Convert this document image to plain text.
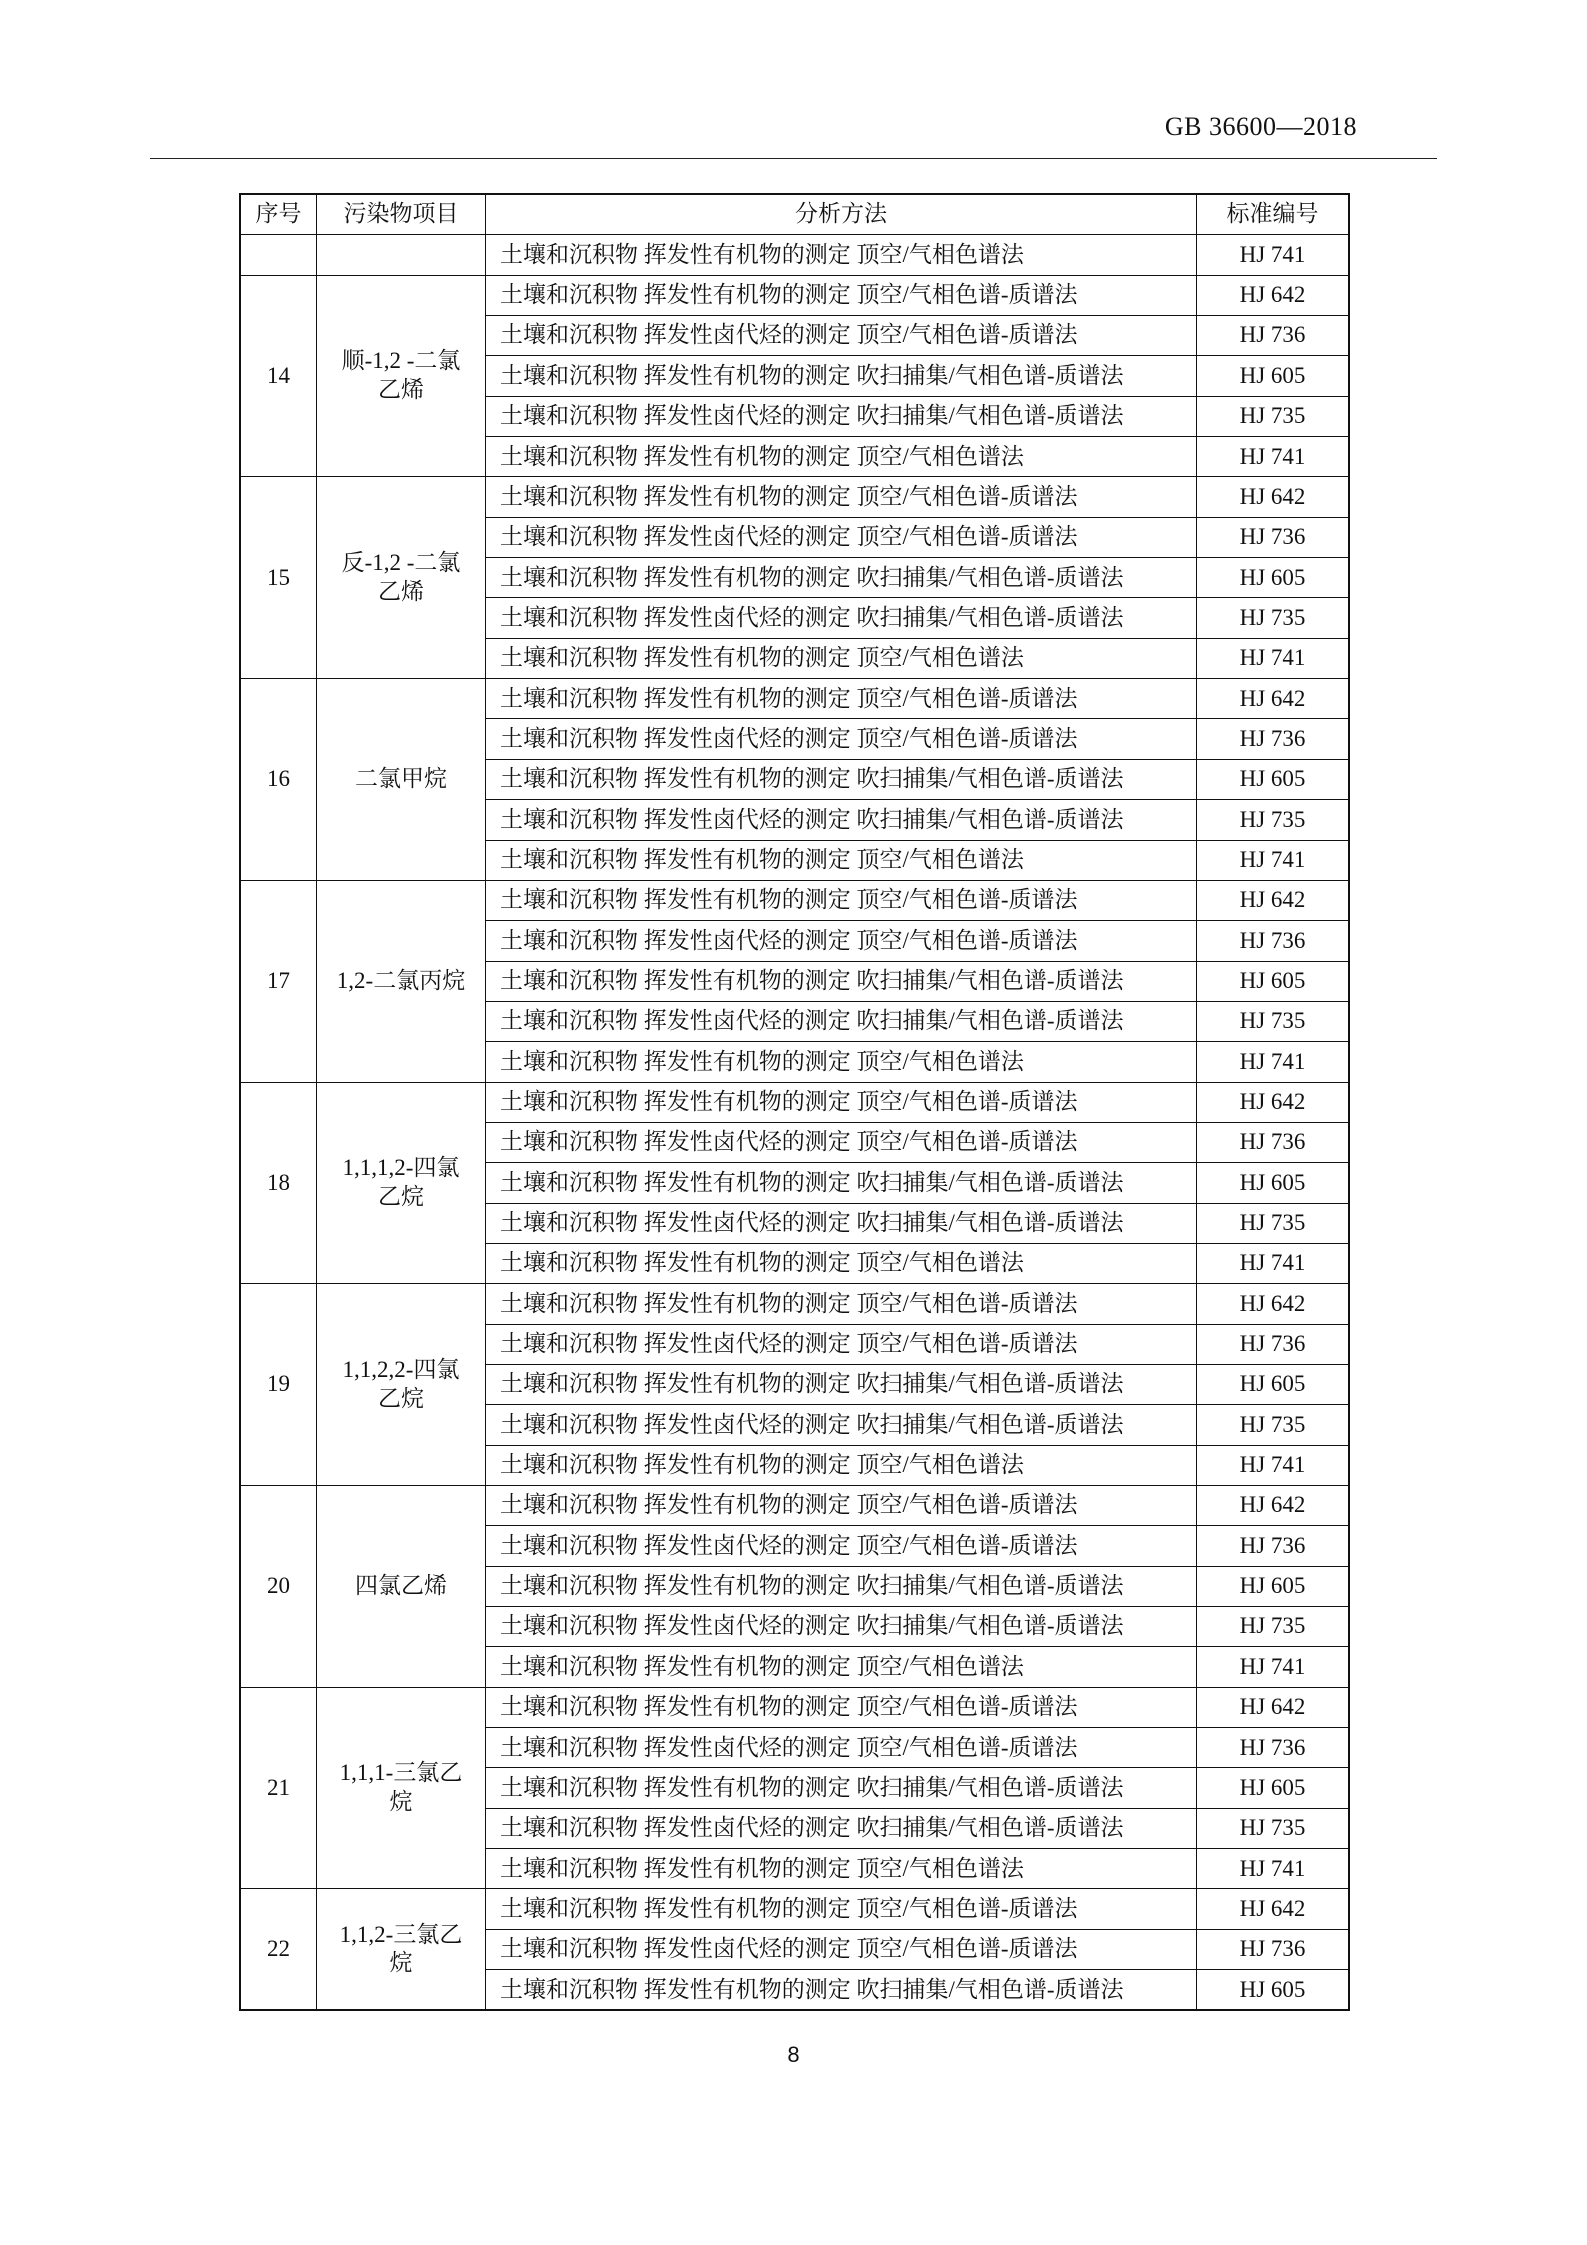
GB 36600—2018
序号	污染物项目	分析方法	标准编号
		土壤和沉积物 挥发性有机物的测定 顶空/气相色谱法	HJ 741
14	顺-1,2 -二氯乙烯	土壤和沉积物 挥发性有机物的测定 顶空/气相色谱-质谱法	HJ 642
		土壤和沉积物 挥发性卤代烃的测定 顶空/气相色谱-质谱法	HJ 736
		土壤和沉积物 挥发性有机物的测定 吹扫捕集/气相色谱-质谱法	HJ 605
		土壤和沉积物 挥发性卤代烃的测定 吹扫捕集/气相色谱-质谱法	HJ 735
		土壤和沉积物 挥发性有机物的测定 顶空/气相色谱法	HJ 741
15	反-1,2 -二氯乙烯	土壤和沉积物 挥发性有机物的测定 顶空/气相色谱-质谱法	HJ 642
		土壤和沉积物 挥发性卤代烃的测定 顶空/气相色谱-质谱法	HJ 736
		土壤和沉积物 挥发性有机物的测定 吹扫捕集/气相色谱-质谱法	HJ 605
		土壤和沉积物 挥发性卤代烃的测定 吹扫捕集/气相色谱-质谱法	HJ 735
		土壤和沉积物 挥发性有机物的测定 顶空/气相色谱法	HJ 741
16	二氯甲烷	土壤和沉积物 挥发性有机物的测定 顶空/气相色谱-质谱法	HJ 642
		土壤和沉积物 挥发性卤代烃的测定 顶空/气相色谱-质谱法	HJ 736
		土壤和沉积物 挥发性有机物的测定 吹扫捕集/气相色谱-质谱法	HJ 605
		土壤和沉积物 挥发性卤代烃的测定 吹扫捕集/气相色谱-质谱法	HJ 735
		土壤和沉积物 挥发性有机物的测定 顶空/气相色谱法	HJ 741
17	1,2-二氯丙烷	土壤和沉积物 挥发性有机物的测定 顶空/气相色谱-质谱法	HJ 642
		土壤和沉积物 挥发性卤代烃的测定 顶空/气相色谱-质谱法	HJ 736
		土壤和沉积物 挥发性有机物的测定 吹扫捕集/气相色谱-质谱法	HJ 605
		土壤和沉积物 挥发性卤代烃的测定 吹扫捕集/气相色谱-质谱法	HJ 735
		土壤和沉积物 挥发性有机物的测定 顶空/气相色谱法	HJ 741
18	1,1,1,2-四氯乙烷	土壤和沉积物 挥发性有机物的测定 顶空/气相色谱-质谱法	HJ 642
		土壤和沉积物 挥发性卤代烃的测定 顶空/气相色谱-质谱法	HJ 736
		土壤和沉积物 挥发性有机物的测定 吹扫捕集/气相色谱-质谱法	HJ 605
		土壤和沉积物 挥发性卤代烃的测定 吹扫捕集/气相色谱-质谱法	HJ 735
		土壤和沉积物 挥发性有机物的测定 顶空/气相色谱法	HJ 741
19	1,1,2,2-四氯乙烷	土壤和沉积物 挥发性有机物的测定 顶空/气相色谱-质谱法	HJ 642
		土壤和沉积物 挥发性卤代烃的测定 顶空/气相色谱-质谱法	HJ 736
		土壤和沉积物 挥发性有机物的测定 吹扫捕集/气相色谱-质谱法	HJ 605
		土壤和沉积物 挥发性卤代烃的测定 吹扫捕集/气相色谱-质谱法	HJ 735
		土壤和沉积物 挥发性有机物的测定 顶空/气相色谱法	HJ 741
20	四氯乙烯	土壤和沉积物 挥发性有机物的测定 顶空/气相色谱-质谱法	HJ 642
		土壤和沉积物 挥发性卤代烃的测定 顶空/气相色谱-质谱法	HJ 736
		土壤和沉积物 挥发性有机物的测定 吹扫捕集/气相色谱-质谱法	HJ 605
		土壤和沉积物 挥发性卤代烃的测定 吹扫捕集/气相色谱-质谱法	HJ 735
		土壤和沉积物 挥发性有机物的测定 顶空/气相色谱法	HJ 741
21	1,1,1-三氯乙烷	土壤和沉积物 挥发性有机物的测定 顶空/气相色谱-质谱法	HJ 642
		土壤和沉积物 挥发性卤代烃的测定 顶空/气相色谱-质谱法	HJ 736
		土壤和沉积物 挥发性有机物的测定 吹扫捕集/气相色谱-质谱法	HJ 605
		土壤和沉积物 挥发性卤代烃的测定 吹扫捕集/气相色谱-质谱法	HJ 735
		土壤和沉积物 挥发性有机物的测定 顶空/气相色谱法	HJ 741
22	1,1,2-三氯乙烷	土壤和沉积物 挥发性有机物的测定 顶空/气相色谱-质谱法	HJ 642
		土壤和沉积物 挥发性卤代烃的测定 顶空/气相色谱-质谱法	HJ 736
		土壤和沉积物 挥发性有机物的测定 吹扫捕集/气相色谱-质谱法	HJ 605
8
